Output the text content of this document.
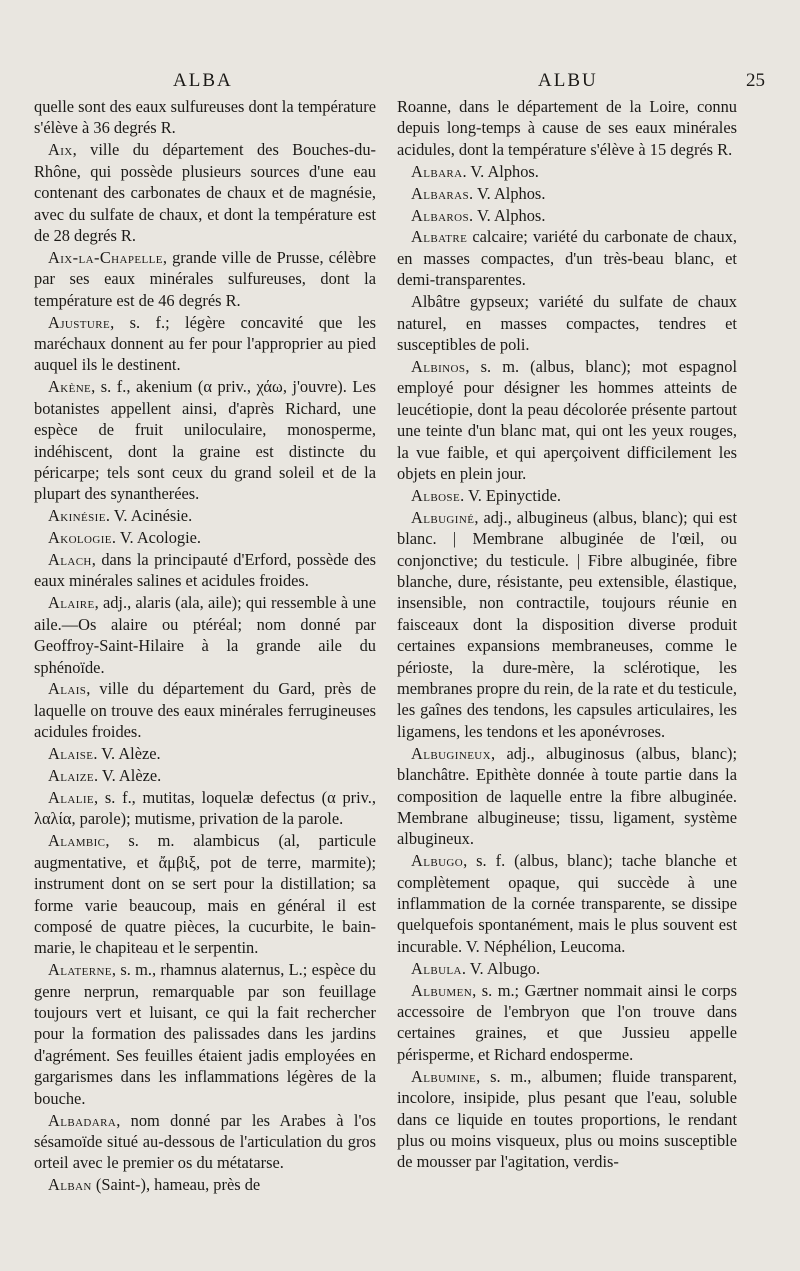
ALBA	ALBU	25

quelle sont des eaux sulfureuses dont la température s'élève à 36 degrés R.

Aix, ville du département des Bouches-du-Rhône, qui possède plusieurs sources d'une eau contenant des carbonates de chaux et de magnésie, avec du sulfate de chaux, et dont la température est de 28 degrés R.

Aix-la-Chapelle, grande ville de Prusse, célèbre par ses eaux minérales sulfureuses, dont la température est de 46 degrés R.

Ajusture, s. f.; légère concavité que les maréchaux donnent au fer pour l'approprier au pied auquel ils le destinent.

Akène, s. f., akenium (α priv., χάω, j'ouvre). Les botanistes appellent ainsi, d'après Richard, une espèce de fruit uniloculaire, monosperme, indéhiscent, dont la graine est distincte du péricarpe; tels sont ceux du grand soleil et de la plupart des synantherées.

Akinésie. V. Acinésie.

Akologie. V. Acologie.

Alach, dans la principauté d'Erford, possède des eaux minérales salines et acidules froides.

Alaire, adj., alaris (ala, aile); qui ressemble à une aile.—Os alaire ou ptéréal; nom donné par Geoffroy-Saint-Hilaire à la grande aile du sphénoïde.

Alais, ville du département du Gard, près de laquelle on trouve des eaux minérales ferrugineuses acidules froides.

Alaise. V. Alèze.

Alaize. V. Alèze.

Alalie, s. f., mutitas, loquelæ defectus (α priv., λαλία, parole); mutisme, privation de la parole.

Alambic, s. m. alambicus (al, particule augmentative, et ἄμβιξ, pot de terre, marmite); instrument dont on se sert pour la distillation; sa forme varie beaucoup, mais en général il est composé de quatre pièces, la cucurbite, le bain-marie, le chapiteau et le serpentin.

Alaterne, s. m., rhamnus alaternus, L.; espèce du genre nerprun, remarquable par son feuillage toujours vert et luisant, ce qui la fait rechercher pour la formation des palissades dans les jardins d'agrément. Ses feuilles étaient jadis employées en gargarismes dans les inflammations légères de la bouche.

Albadara, nom donné par les Arabes à l'os sésamoïde situé au-dessous de l'articulation du gros orteil avec le premier os du métatarse.

Alban (Saint-), hameau, près de

Roanne, dans le département de la Loire, connu depuis long-temps à cause de ses eaux minérales acidules, dont la température s'élève à 15 degrés R.

Albara. V. Alphos.

Albaras. V. Alphos.

Albaros. V. Alphos.

Albatre calcaire; variété du carbonate de chaux, en masses compactes, d'un très-beau blanc, et demi-transparentes.

Albâtre gypseux; variété du sulfate de chaux naturel, en masses compactes, tendres et susceptibles de poli.

Albinos, s. m. (albus, blanc); mot espagnol employé pour désigner les hommes atteints de leucétiopie, dont la peau décolorée présente partout une teinte d'un blanc mat, qui ont les yeux rouges, la vue faible, et qui aperçoivent difficilement les objets en plein jour.

Albose. V. Epinyctide.

Albuginé, adj., albugineus (albus, blanc); qui est blanc. | Membrane albuginée de l'œil, ou conjonctive; du testicule. | Fibre albuginée, fibre blanche, dure, résistante, peu extensible, élastique, insensible, non contractile, toujours réunie en faisceaux dont la disposition diverse produit certaines expansions membraneuses, comme le périoste, la dure-mère, la sclérotique, les membranes propre du rein, de la rate et du testicule, les gaînes des tendons, les capsules articulaires, les ligamens, les tendons et les aponévroses.

Albugineux, adj., albuginosus (albus, blanc); blanchâtre. Epithète donnée à toute partie dans la composition de laquelle entre la fibre albuginée. Membrane albugineuse; tissu, ligament, système albugineux.

Albugo, s. f. (albus, blanc); tache blanche et complètement opaque, qui succède à une inflammation de la cornée transparente, se dissipe quelquefois spontanément, mais le plus souvent est incurable. V. Néphélion, Leucoma.

Albula. V. Albugo.

Albumen, s. m.; Gærtner nommait ainsi le corps accessoire de l'embryon que l'on trouve dans certaines graines, et que Jussieu appelle périsperme, et Richard endosperme.

Albumine, s. m., albumen; fluide transparent, incolore, insipide, plus pesant que l'eau, soluble dans ce liquide en toutes proportions, le rendant plus ou moins visqueux, plus ou moins susceptible de mousser par l'agitation, verdis-
